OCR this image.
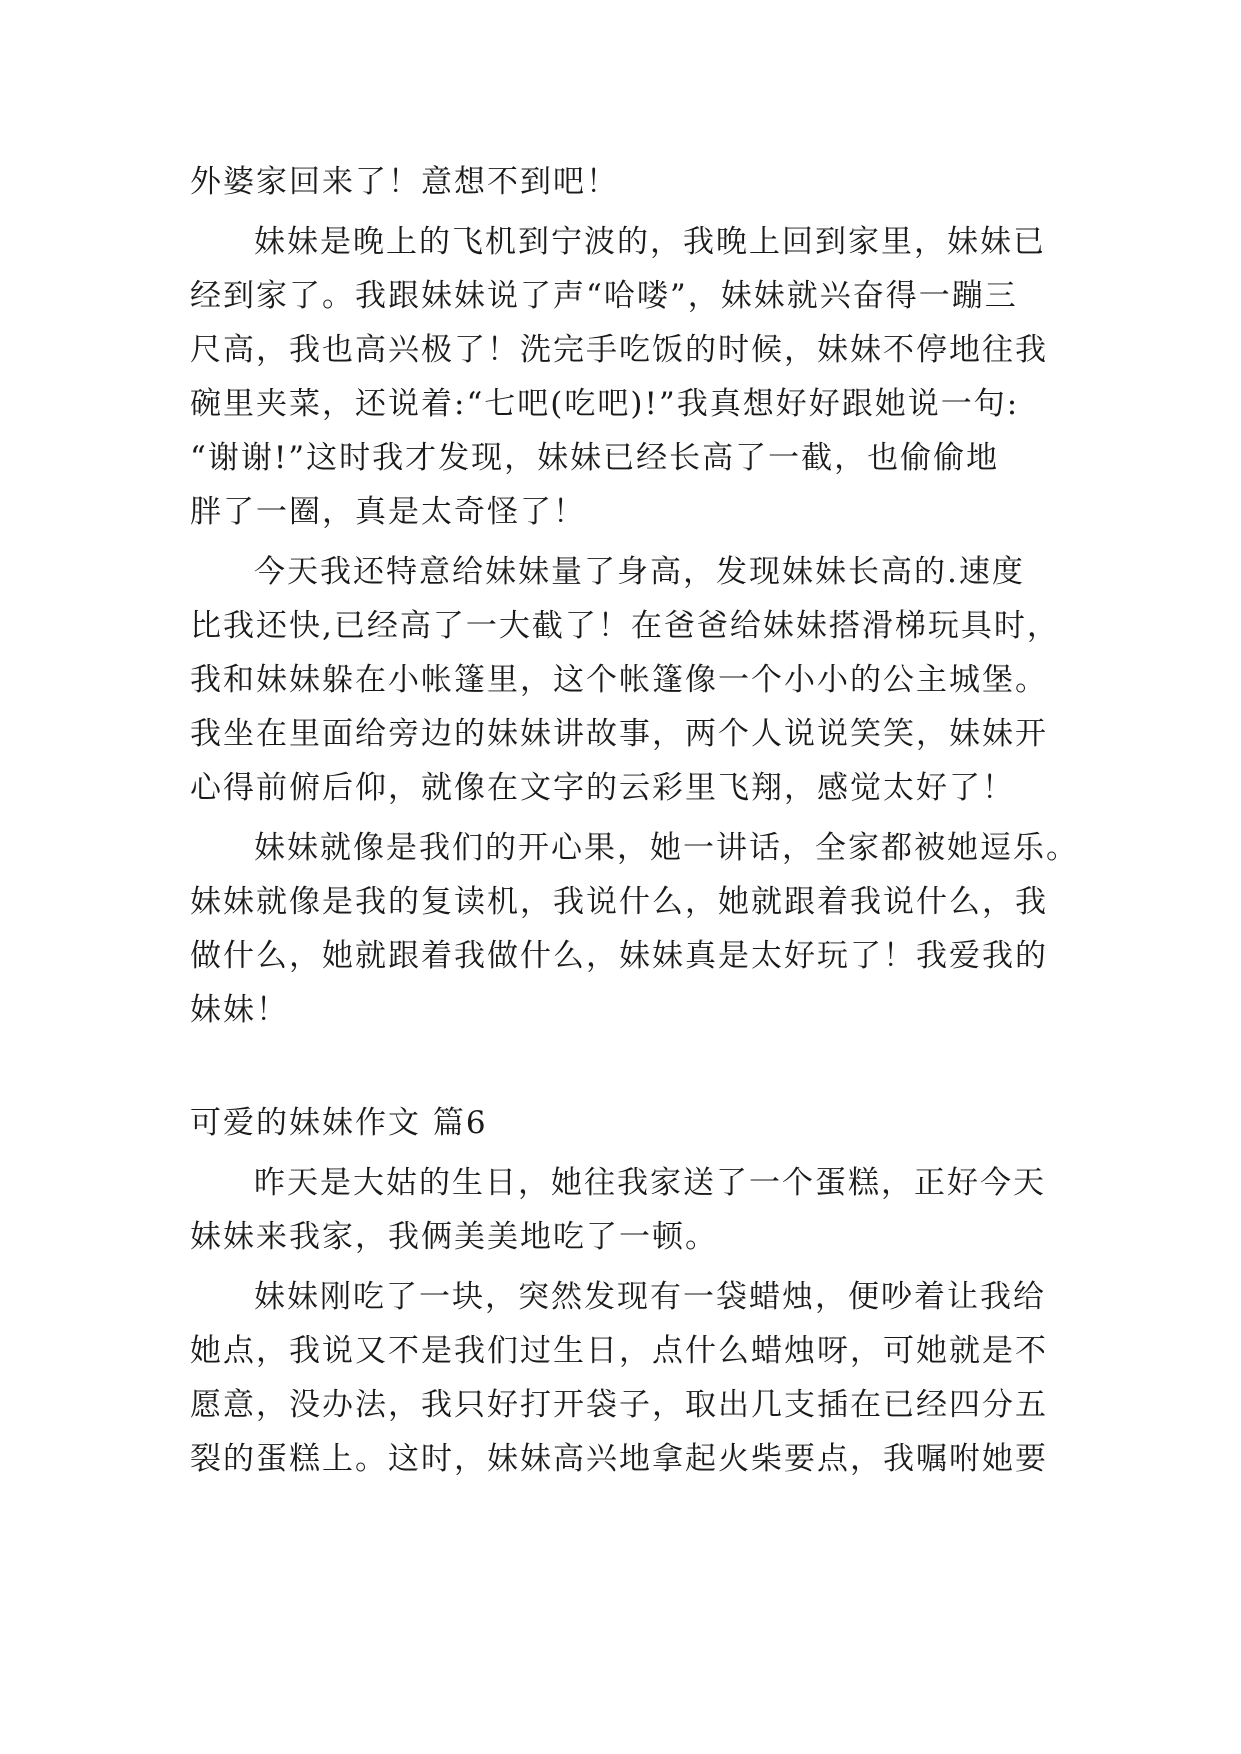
外婆家回来了！意想不到吧！
妹妹是晚上的飞机到宁波的，我晚上回到家里，妹妹已
经到家了。我跟妹妹说了声“哈喽”，妹妹就兴奋得一蹦三
尺高，我也高兴极了！洗完手吃饭的时候，妹妹不停地往我
碗里夹菜，还说着:“七吧(吃吧)!”我真想好好跟她说一句:
“谢谢!”这时我才发现，妹妹已经长高了一截，也偷偷地
胖了一圈，真是太奇怪了！
今天我还特意给妹妹量了身高，发现妹妹长高的.速度
比我还快,已经高了一大截了！在爸爸给妹妹搭滑梯玩具时，
我和妹妹躲在小帐篷里，这个帐篷像一个小小的公主城堡。
我坐在里面给旁边的妹妹讲故事，两个人说说笑笑，妹妹开
心得前俯后仰，就像在文字的云彩里飞翔，感觉太好了！
妹妹就像是我们的开心果，她一讲话，全家都被她逗乐。
妹妹就像是我的复读机，我说什么，她就跟着我说什么，我
做什么，她就跟着我做什么，妹妹真是太好玩了！我爱我的
妹妹！
可爱的妹妹作文 篇6
昨天是大姑的生日，她往我家送了一个蛋糕，正好今天
妹妹来我家，我俩美美地吃了一顿。
妹妹刚吃了一块，突然发现有一袋蜡烛，便吵着让我给
她点，我说又不是我们过生日，点什么蜡烛呀，可她就是不
愿意，没办法，我只好打开袋子，取出几支插在已经四分五
裂的蛋糕上。这时，妹妹高兴地拿起火柴要点，我嘱咐她要
